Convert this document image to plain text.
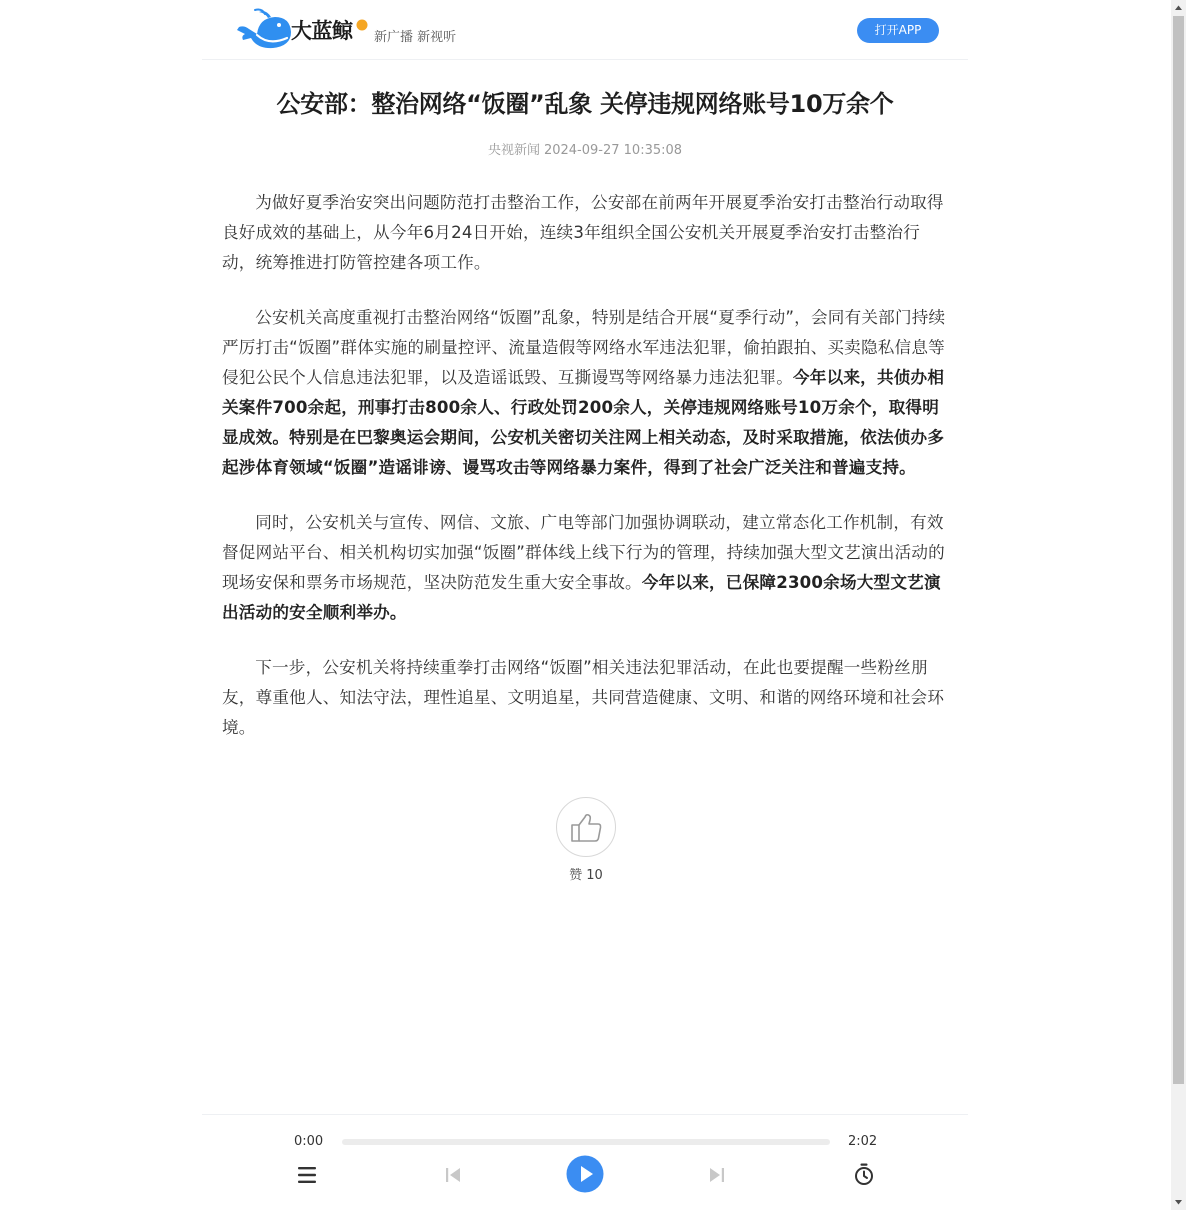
大蓝鲸 新广播 新视听	打开APP
公安部：整治网络“饭圈”乱象 关停违规网络账号10万余个
央视新闻 2024-09-27 10:35:08

为做好夏季治安突出问题防范打击整治工作，公安部在前两年开展夏季治安打击整治行动取得良好成效的基础上，从今年6月24日开始，连续3年组织全国公安机关开展夏季治安打击整治行动，统筹推进打防管控建各项工作。

公安机关高度重视打击整治网络“饭圈”乱象，特别是结合开展“夏季行动”，会同有关部门持续严厉打击“饭圈”群体实施的刷量控评、流量造假等网络水军违法犯罪，偷拍跟拍、买卖隐私信息等侵犯公民个人信息违法犯罪，以及造谣诋毁、互撕谩骂等网络暴力违法犯罪。今年以来，共侦办相关案件700余起，刑事打击800余人、行政处罚200余人，关停违规网络账号10万余个，取得明显成效。特别是在巴黎奥运会期间，公安机关密切关注网上相关动态，及时采取措施，依法侦办多起涉体育领域“饭圈”造谣诽谤、谩骂攻击等网络暴力案件，得到了社会广泛关注和普遍支持。

同时，公安机关与宣传、网信、文旅、广电等部门加强协调联动，建立常态化工作机制，有效督促网站平台、相关机构切实加强“饭圈”群体线上线下行为的管理，持续加强大型文艺演出活动的现场安保和票务市场规范，坚决防范发生重大安全事故。今年以来，已保障2300余场大型文艺演出活动的安全顺利举办。

下一步，公安机关将持续重拳打击网络“饭圈”相关违法犯罪活动，在此也要提醒一些粉丝朋友，尊重他人、知法守法，理性追星、文明追星，共同营造健康、文明、和谐的网络环境和社会环境。

赞 10
0:00	2:02
